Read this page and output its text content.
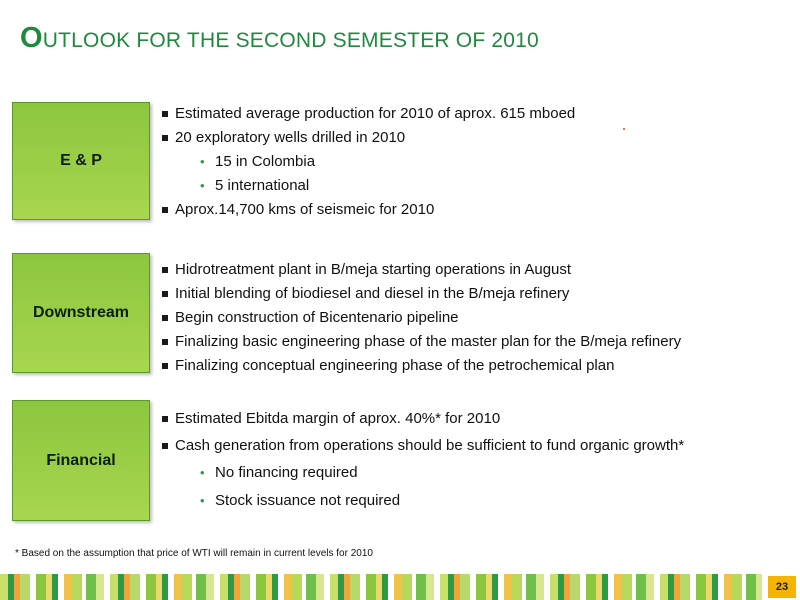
OUTLOOK FOR THE SECOND SEMESTER OF 2010
E & P
Estimated average production for 2010 of aprox. 615 mboed
20 exploratory wells drilled in 2010
• 15 in Colombia
• 5 international
Aprox.14,700 kms of seismeic for 2010
Downstream
Hidrotreatment plant in B/meja starting operations in August
Initial blending of biodiesel and diesel in the B/meja refinery
Begin construction of Bicentenario pipeline
Finalizing basic engineering phase of the master plan for the B/meja refinery
Finalizing conceptual engineering phase of the petrochemical plan
Financial
Estimated Ebitda margin of aprox. 40%* for 2010
Cash generation from operations should be sufficient to fund organic growth*
• No financing required
• Stock issuance not required
* Based on the assumption that price of WTI will remain in current levels for 2010
23
